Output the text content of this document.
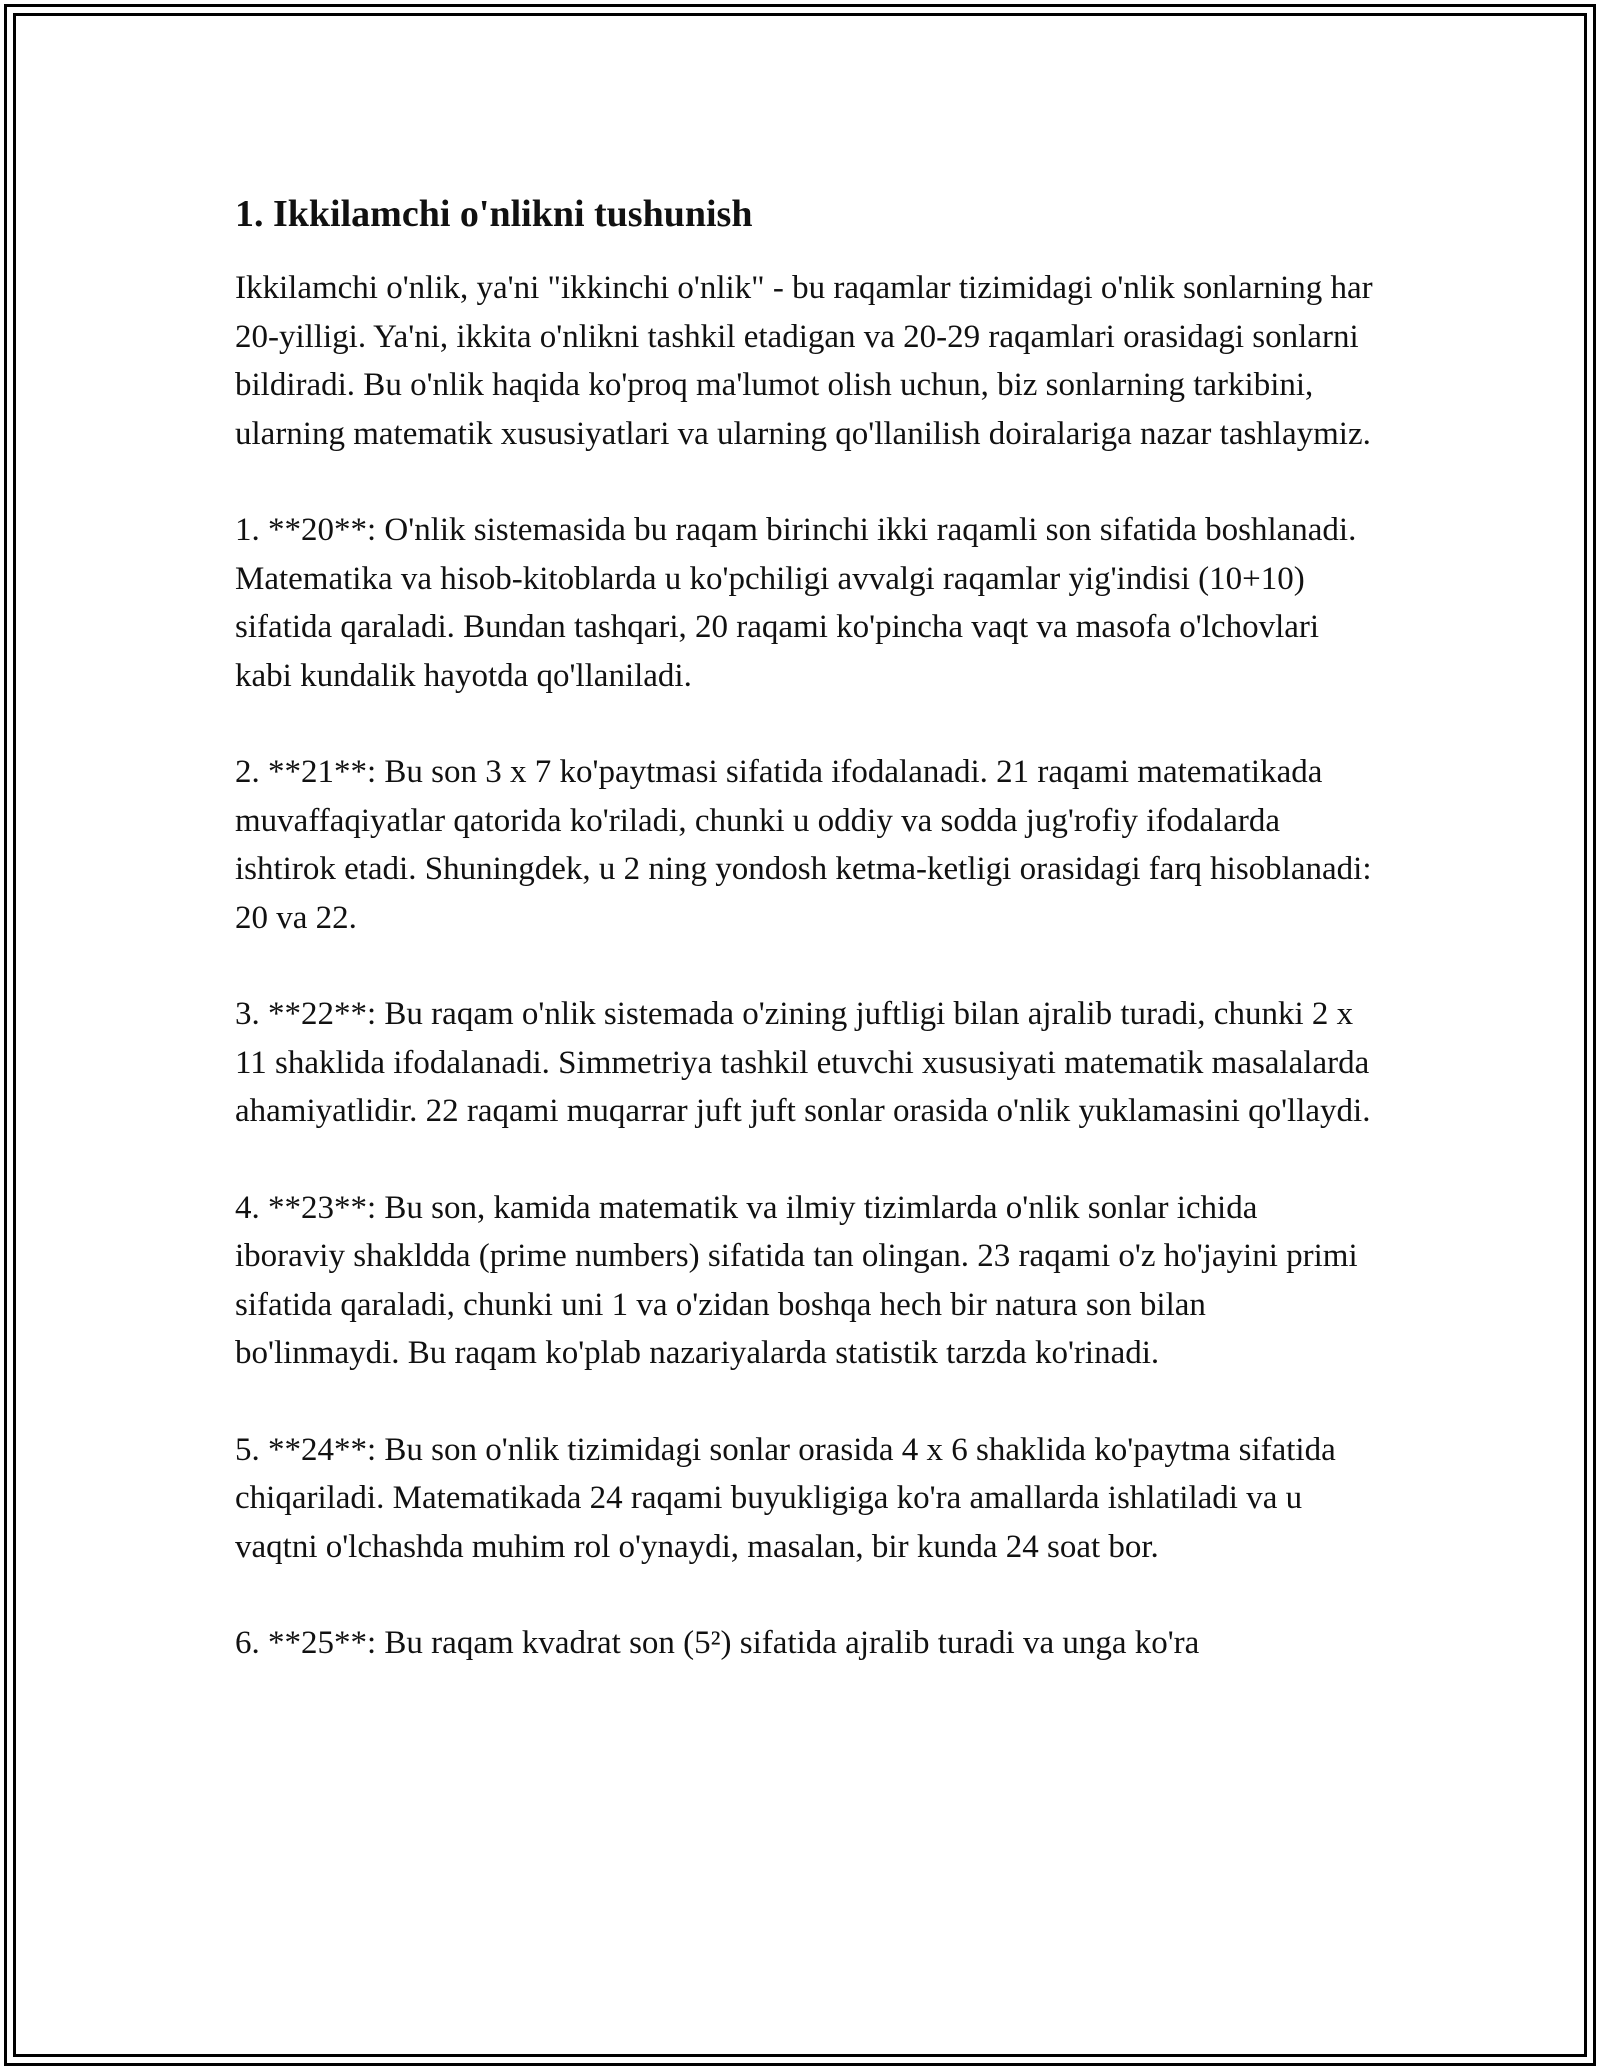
1. Ikkilamchi o'nlikni tushunish

Ikkilamchi o'nlik, ya'ni "ikkinchi o'nlik" - bu raqamlar tizimidagi o'nlik sonlarning har 20-yilligi. Ya'ni, ikkita o'nlikni tashkil etadigan va 20-29 raqamlari orasidagi sonlarni bildiradi. Bu o'nlik haqida ko'proq ma'lumot olish uchun, biz sonlarning tarkibini, ularning matematik xususiyatlari va ularning qo'llanilish doiralariga nazar tashlaymiz.

1. **20**: O'nlik sistemasida bu raqam birinchi ikki raqamli son sifatida boshlanadi. Matematika va hisob-kitoblarda u ko'pchiligi avvalgi raqamlar yig'indisi (10+10) sifatida qaraladi. Bundan tashqari, 20 raqami ko'pincha vaqt va masofa o'lchovlari kabi kundalik hayotda qo'llaniladi.

2. **21**: Bu son 3 x 7 ko'paytmasi sifatida ifodalanadi. 21 raqami matematikada muvaffaqiyatlar qatorida ko'riladi, chunki u oddiy va sodda jug'rofiy ifodalarda ishtirok etadi. Shuningdek, u 2 ning yondosh ketma-ketligi orasidagi farq hisoblanadi: 20 va 22.

3. **22**: Bu raqam o'nlik sistemada o'zining juftligi bilan ajralib turadi, chunki 2 x 11 shaklida ifodalanadi. Simmetriya tashkil etuvchi xususiyati matematik masalalarda ahamiyatlidir. 22 raqami muqarrar juft juft sonlar orasida o'nlik yuklamasini qo'llaydi.

4. **23**: Bu son, kamida matematik va ilmiy tizimlarda o'nlik sonlar ichida iboraviy shakldda (prime numbers) sifatida tan olingan. 23 raqami o'z ho'jayini primi sifatida qaraladi, chunki uni 1 va o'zidan boshqa hech bir natura son bilan bo'linmaydi. Bu raqam ko'plab nazariyalarda statistik tarzda ko'rinadi.

5. **24**: Bu son o'nlik tizimidagi sonlar orasida 4 x 6 shaklida ko'paytma sifatida chiqariladi. Matematikada 24 raqami buyukligiga ko'ra amallarda ishlatiladi va u vaqtni o'lchashda muhim rol o'ynaydi, masalan, bir kunda 24 soat bor.

6. **25**: Bu raqam kvadrat son (5²) sifatida ajralib turadi va unga ko'ra
